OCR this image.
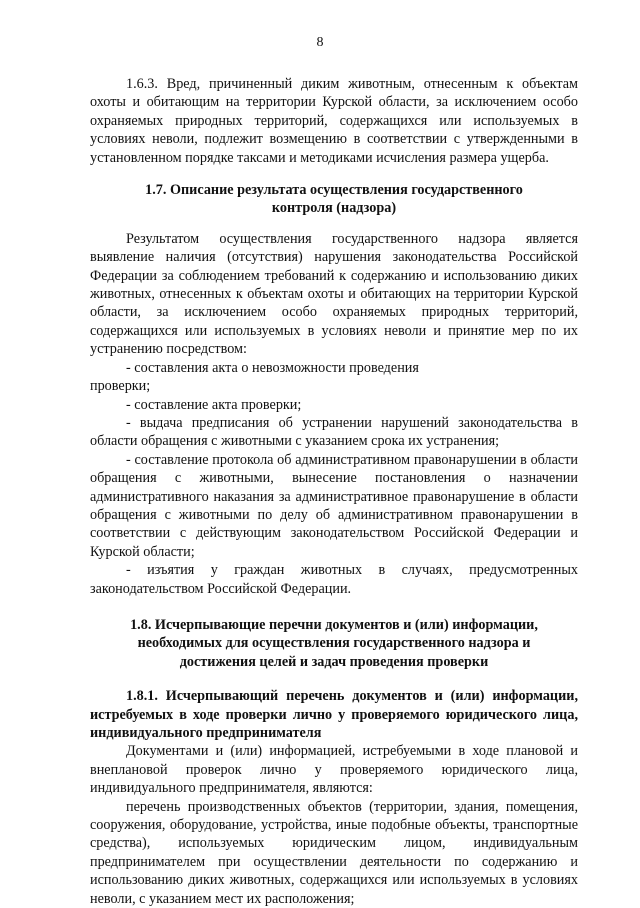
8

1.6.3. Вред, причиненный диким животным, отнесенным к объектам охоты и обитающим на территории Курской области, за исключением особо охраняемых природных территорий, содержащихся или используемых в условиях неволи, подлежит возмещению в соответствии с утвержденными в установленном порядке таксами и методиками исчисления размера ущерба.

1.7. Описание результата осуществления государственного
контроля (надзора)

Результатом осуществления государственного надзора является выявление наличия (отсутствия) нарушения законодательства Российской Федерации за соблюдением требований к содержанию и использованию диких животных, отнесенных к объектам охоты и обитающих на территории Курской области, за исключением особо охраняемых природных территорий, содержащихся или используемых в условиях неволи и принятие мер по их устранению посредством:

- составления акта о невозможности проведения

проверки;

- составление акта проверки;

- выдача предписания об устранении нарушений законодательства в области обращения с животными с указанием срока их устранения;

- составление протокола об административном правонарушении в области обращения с животными, вынесение постановления о назначении административного наказания за административное правонарушение в области обращения с животными по делу об административном правонарушении в соответствии с действующим законодательством Российской Федерации и Курской области;

- изъятия у граждан животных в случаях, предусмотренных законодательством Российской Федерации.

1.8. Исчерпывающие перечни документов и (или) информации,
необходимых для осуществления государственного надзора и
достижения целей и задач проведения проверки

1.8.1. Исчерпывающий перечень документов и (или) информации, истребуемых в ходе проверки лично у проверяемого юридического лица, индивидуального предпринимателя

Документами и (или) информацией, истребуемыми в ходе плановой и внеплановой проверок лично у проверяемого юридического лица, индивидуального предпринимателя, являются:

перечень производственных объектов (территории, здания, помещения, сооружения, оборудование, устройства, иные подобные объекты, транспортные средства), используемых юридическим лицом, индивидуальным предпринимателем при осуществлении деятельности по содержанию и использованию диких животных, содержащихся или используемых в условиях неволи, с указанием мест их расположения;
